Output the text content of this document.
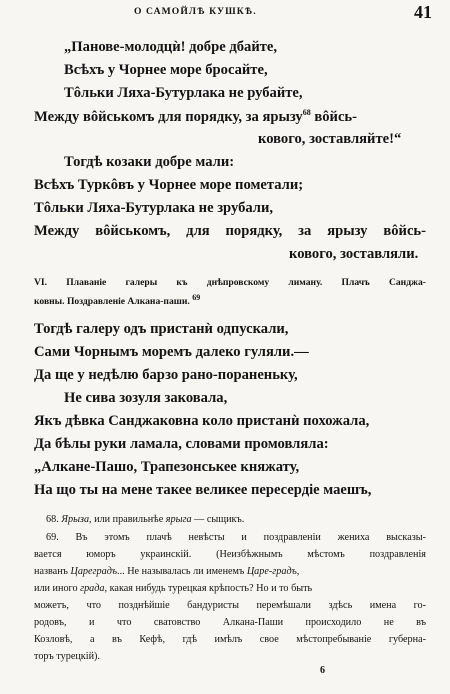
О САМОЙЛѢ КУШКѢ.	41
„Панове-молодцѝ! добре дбайте,
Всѣхъ у Чорнее море бросайте,
Тôльки Ляха-Бутурлака не рубайте,
Между вôйськомъ для порядку, за ярызу$^{68}$ вôйсь-
кового, зоставляйте!“
Тогдѣ козаки добре мали:
Всѣхъ Туркôвъ у Чорнее море пометали;
Тôльки Ляха-Бутурлака не зрубали,
Между вôйськомъ, для порядку, за ярызу вôйсь-
кового, зоставляли.
VI. Плаваніе галеры къ днѣпровскому лиману. Плачъ Санджа-
ковны. Поздравленіе Алкана-паши. $^{69}$
Тогдѣ галеру одъ пристанѝ одпускали,
Сами Чорнымъ моремъ далеко гуляли.—
Да ще у недѣлю барзо рано-пораненьку,
Не сива зозуля заковала,
Якъ дѣвка Санджаковна коло пристанѝ похожала,
Да бѣлы руки ламала, словами промовляла:
„Алкане-Пашо, Трапезонськее княжату,
На що ты на мене такее великее пересердіе маешъ,
68. Ярыза, или правильнѣе ярыга — сыщикъ.
69. Въ этомъ плачѣ невѣсты и поздравленіи жениха высказы-
вается юморъ украинскій. (Неизбѣжнымъ мѣстомъ поздравленія
названъ Цареградъ... Не называлась ли именемъ Царе-градъ,
или иного града, какая нибудь турецкая крѣпость? Но и то быть
можетъ, что позднѣйшіе бандуристы перемѣшали здѣсь имена го-
родовъ, и что сватовство Алкана-Паши происходило не въ
Козловѣ, а въ Кефѣ, гдѣ имѣлъ свое мѣстопребываніе губерна-
торъ турецкій).
6
